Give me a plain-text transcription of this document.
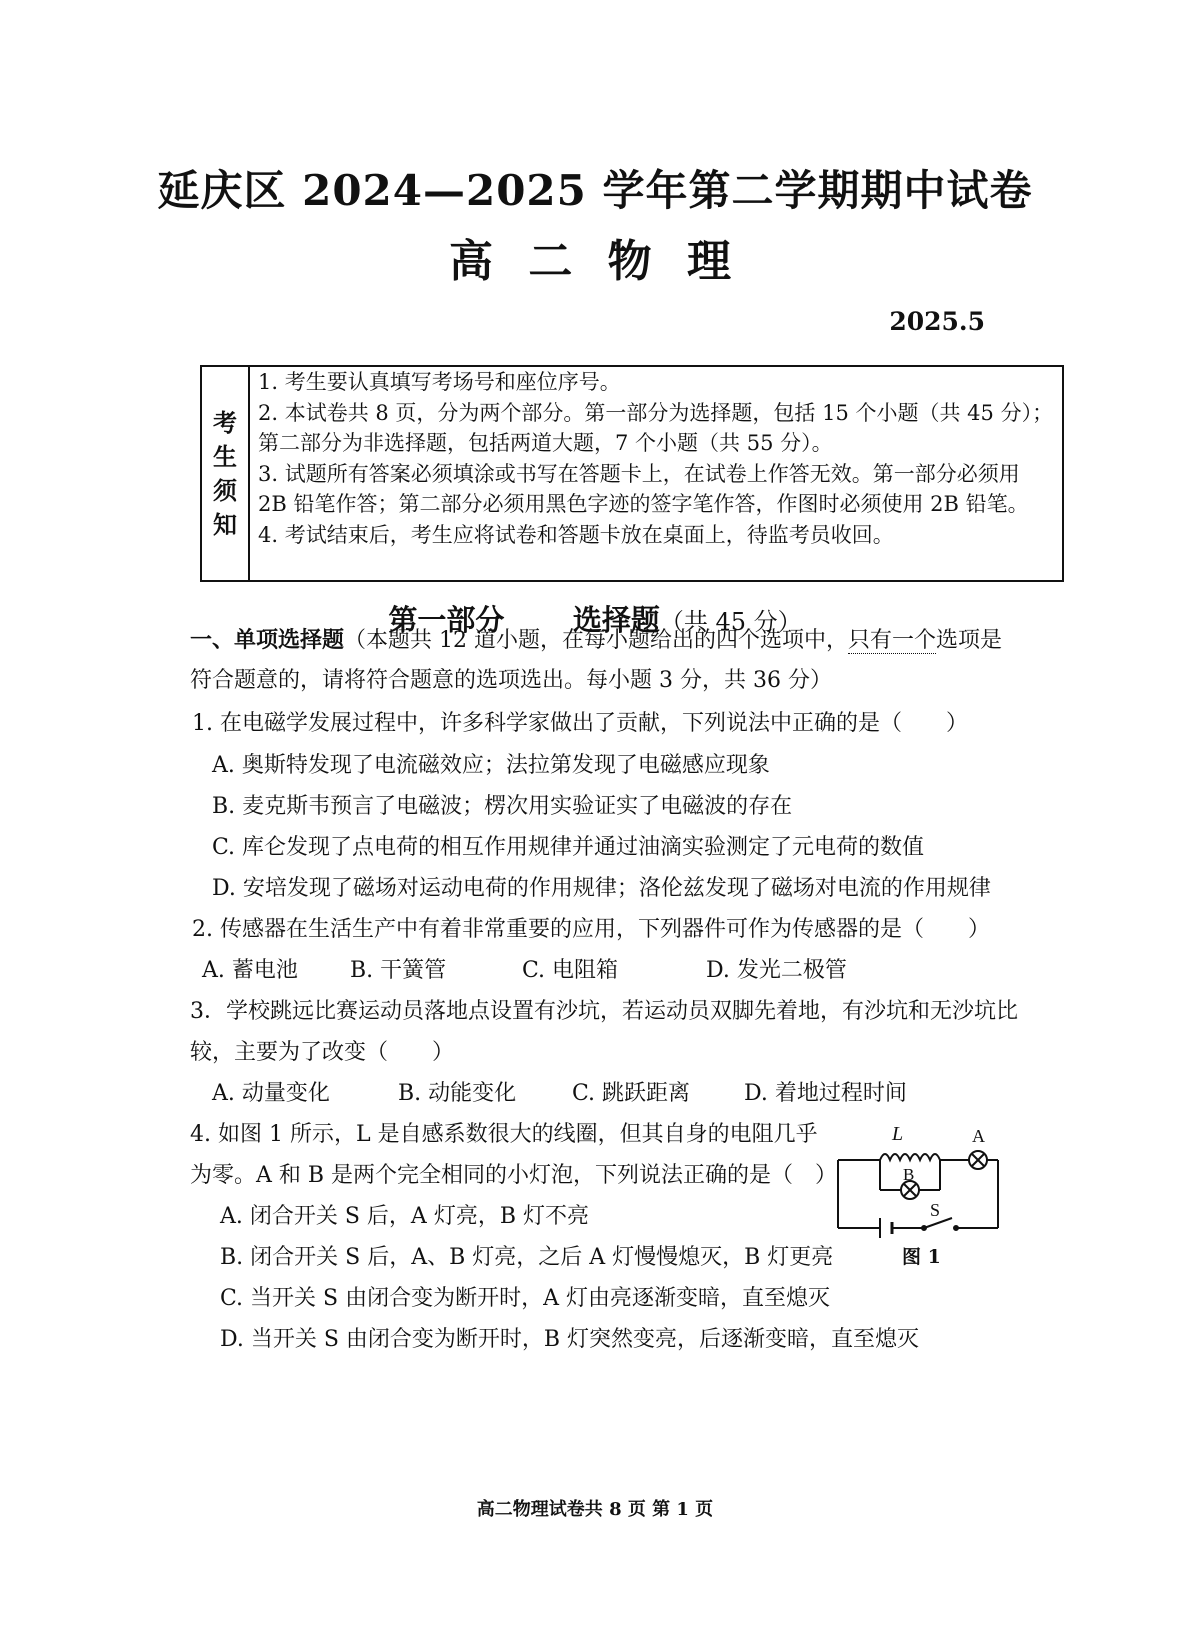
延庆区 2024—2025 学年第二学期期中试卷
高 二 物 理
2025.5
考
生
须
知
1. 考生要认真填写考场号和座位序号。
2. 本试卷共 8 页，分为两个部分。第一部分为选择题，包括 15 个小题（共 45 分）；第二部分为非选择题，包括两道大题，7 个小题（共 55 分）。
3. 试题所有答案必须填涂或书写在答题卡上，在试卷上作答无效。第一部分必须用 2B 铅笔作答；第二部分必须用黑色字迹的签字笔作答，作图时必须使用 2B 铅笔。
4. 考试结束后，考生应将试卷和答题卡放在桌面上，待监考员收回。
第一部分 选择题（共 45 分）
一、单项选择题（本题共 12 道小题，在每小题给出的四个选项中，只有一个选项是符合题意的，请将符合题意的选项选出。每小题 3 分，共 36 分）
1. 在电磁学发展过程中，许多科学家做出了贡献，下列说法中正确的是（　　）
A. 奥斯特发现了电流磁效应；法拉第发现了电磁感应现象
B. 麦克斯韦预言了电磁波；楞次用实验证实了电磁波的存在
C. 库仑发现了点电荷的相互作用规律并通过油滴实验测定了元电荷的数值
D. 安培发现了磁场对运动电荷的作用规律；洛伦兹发现了磁场对电流的作用规律
2. 传感器在生活生产中有着非常重要的应用，下列器件可作为传感器的是（　　）
A. 蓄电池 B. 干簧管	C. 电阻箱	D. 发光二极管
3．学校跳远比赛运动员落地点设置有沙坑，若运动员双脚先着地，有沙坑和无沙坑比
较，主要为了改变（　　）
A. 动量变化	B. 动能变化	C. 跳跃距离 D. 着地过程时间
4. 如图 1 所示，L 是自感系数很大的线圈，但其自身的电阻几乎
为零。A 和 B 是两个完全相同的小灯泡，下列说法正确的是（　）
A. 闭合开关 S 后，A 灯亮，B 灯不亮
B. 闭合开关 S 后，A、B 灯亮，之后 A 灯慢慢熄灭，B 灯更亮
C. 当开关 S 由闭合变为断开时，A 灯由亮逐渐变暗，直至熄灭
D. 当开关 S 由闭合变为断开时，B 灯突然变亮，后逐渐变暗，直至熄灭
L	A
B
S
图 1
高二物理试卷共 8 页 第 1 页
